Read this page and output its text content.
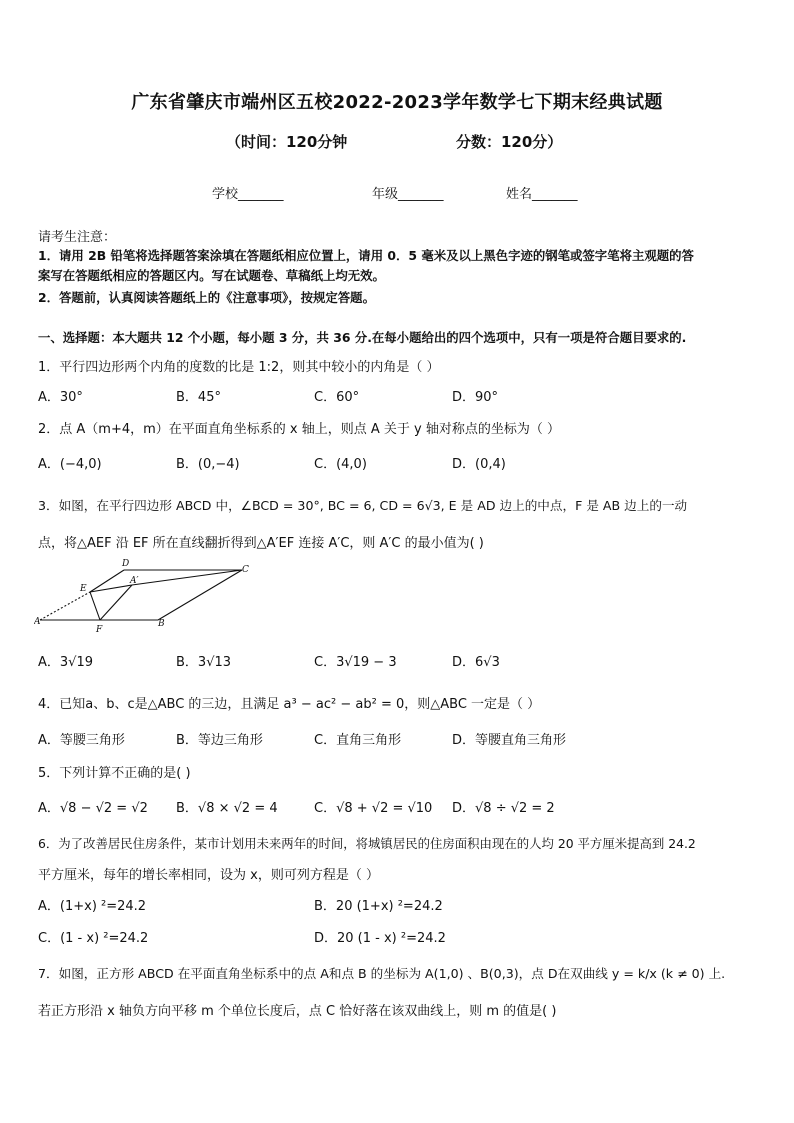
广东省肇庆市端州区五校2022-2023学年数学七下期末经典试题
（时间：120分钟	分数：120分）
学校_______	年级_______	姓名_______
请考生注意：
1．请用 2B 铅笔将选择题答案涂填在答题纸相应位置上，请用 0．5 毫米及以上黑色字迹的钢笔或签字笔将主观题的答
案写在答题纸相应的答题区内。写在试题卷、草稿纸上均无效。
2．答题前，认真阅读答题纸上的《注意事项》，按规定答题。
一、选择题：本大题共 12 个小题，每小题 3 分，共 36 分.在每小题给出的四个选项中，只有一项是符合题目要求的.
1．平行四边形两个内角的度数的比是 1:2，则其中较小的内角是（ ）
A．30°	B．45°	C．60°	D．90°
2．点 A（m+4，m）在平面直角坐标系的 x 轴上，则点 A 关于 y 轴对称点的坐标为（ ）
A．(−4,0)	B．(0,−4)	C．(4,0)	D．(0,4)
3．如图，在平行四边形 ABCD 中，∠BCD = 30°, BC = 6, CD = 6√3, E 是 AD 边上的中点，F 是 AB 边上的一动
点，将△AEF 沿 EF 所在直线翻折得到△A′EF 连接 A′C，则 A′C 的最小值为( )
D
C
E
A′
A
F
B
A．3√19	B．3√13	C．3√19 − 3	D．6√3
4．已知a、b、c是△ABC 的三边，且满足 a³ − ac² − ab² = 0，则△ABC 一定是（ ）
A．等腰三角形	B．等边三角形	C．直角三角形	D．等腰直角三角形
5．下列计算不正确的是( )
A．√8 − √2 = √2 B．√8 × √2 = 4	C．√8 + √2 = √10 D．√8 ÷ √2 = 2
6．为了改善居民住房条件，某市计划用未来两年的时间，将城镇居民的住房面积由现在的人均 20 平方厘米提高到 24.2
平方厘米，每年的增长率相同，设为 x，则可列方程是（ ）
A．(1+x) ²=24.2	B．20 (1+x) ²=24.2
C．(1 - x) ²=24.2	D．20 (1 - x) ²=24.2
7．如图，正方形 ABCD 在平面直角坐标系中的点 A和点 B 的坐标为 A(1,0) 、B(0,3)，点 D在双曲线 y = k/x (k ≠ 0) 上.
若正方形沿 x 轴负方向平移 m 个单位长度后，点 C 恰好落在该双曲线上，则 m 的值是( )
